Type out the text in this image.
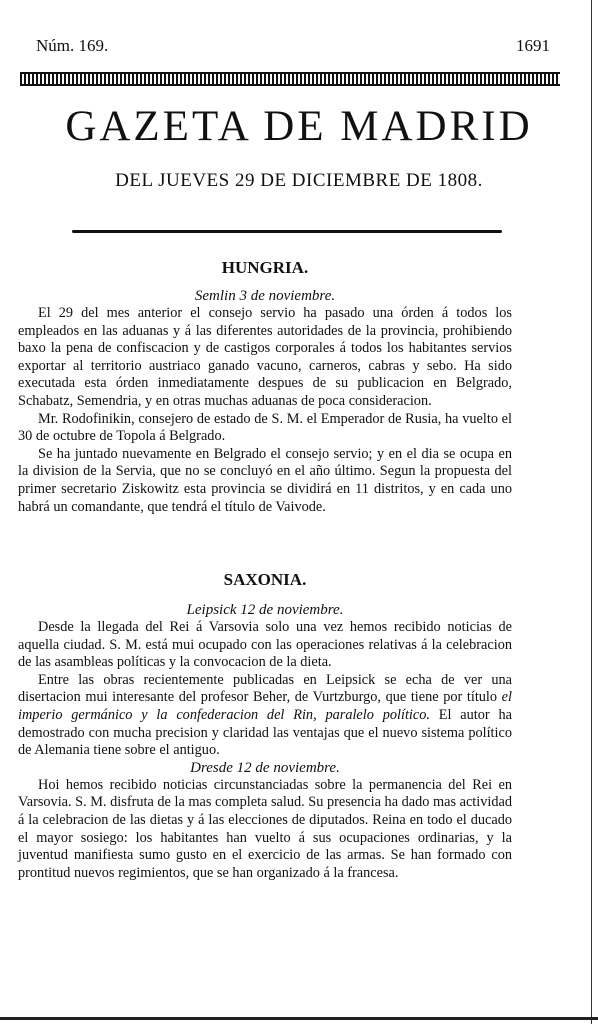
Núm. 169.	1691
GAZETA DE MADRID
DEL JUEVES 29 DE DICIEMBRE DE 1808.
HUNGRIA.

Semlin 3 de noviembre.

El 29 del mes anterior el consejo servio ha pasado una órden á todos los empleados en las aduanas y á las diferentes autoridades de la provincia, prohibiendo baxo la pena de confiscacion y de castigos corporales á todos los habitantes servios exportar al territorio austriaco ganado vacuno, carneros, cabras y sebo. Ha sido executada esta órden inmediatamente despues de su publicacion en Belgrado, Schabatz, Semendria, y en otras muchas aduanas de poca consideracion.

Mr. Rodofinikin, consejero de estado de S. M. el Emperador de Rusia, ha vuelto el 30 de octubre de Topola á Belgrado.

Se ha juntado nuevamente en Belgrado el consejo servio; y en el dia se ocupa en la division de la Servia, que no se concluyó en el año último. Segun la propuesta del primer secretario Ziskowitz esta provincia se dividirá en 11 distritos, y en cada uno habrá un comandante, que tendrá el título de Vaivode.

SAXONIA.

Leipsick 12 de noviembre.

Desde la llegada del Rei á Varsovia solo una vez hemos recibido noticias de aquella ciudad. S. M. está mui ocupado con las operaciones relativas á la celebracion de las asambleas políticas y la convocacion de la dieta.

Entre las obras recientemente publicadas en Leipsick se echa de ver una disertacion mui interesante del profesor Beher, de Vurtzburgo, que tiene por título el imperio germánico y la confederacion del Rin, paralelo político. El autor ha demostrado con mucha precision y claridad las ventajas que el nuevo sistema político de Alemania tiene sobre el antiguo.

Dresde 12 de noviembre.

Hoi hemos recibido noticias circunstanciadas sobre la permanencia del Rei en Varsovia. S. M. disfruta de la mas completa salud. Su presencia ha dado mas actividad á la celebracion de las dietas y á las elecciones de diputados. Reina en todo el ducado el mayor sosiego: los habitantes han vuelto á sus ocupaciones ordinarias, y la juventud manifiesta sumo gusto en el exercicio de las armas. Se han formado con prontitud nuevos regimientos, que se han organizado á la francesa.
